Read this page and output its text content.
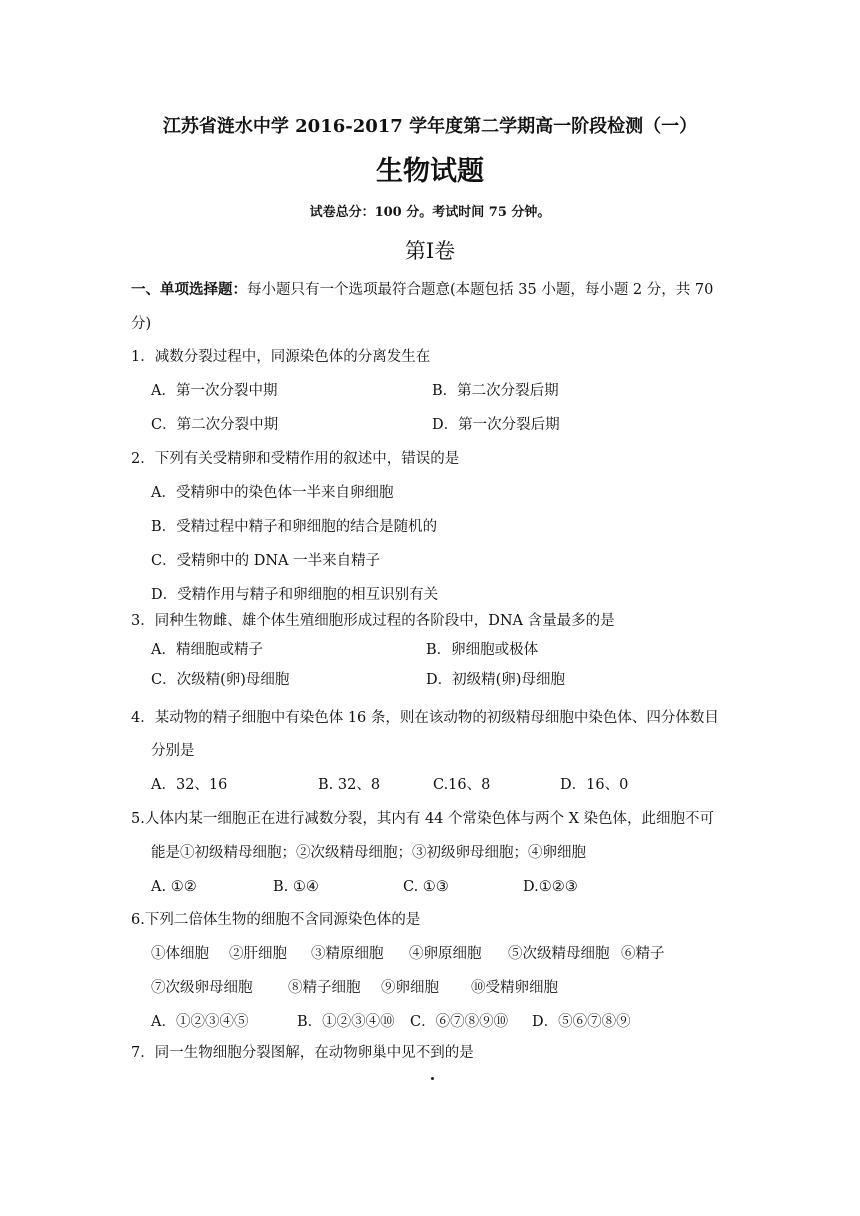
江苏省涟水中学 2016-2017 学年度第二学期高一阶段检测（一）
生物试题
试卷总分：100 分。考试时间 75 分钟。
第Ⅰ卷
一、单项选择题：每小题只有一个选项最符合题意(本题包括 35 小题，每小题 2 分，共 70
分)
1．减数分裂过程中，同源染色体的分离发生在
A．第一次分裂中期	B．第二次分裂后期
C．第二次分裂中期	D．第一次分裂后期
2．下列有关受精卵和受精作用的叙述中，错误的是
A．受精卵中的染色体一半来自卵细胞
B．受精过程中精子和卵细胞的结合是随机的
C．受精卵中的 DNA 一半来自精子
D．受精作用与精子和卵细胞的相互识别有关
3．同种生物雌、雄个体生殖细胞形成过程的各阶段中，DNA 含量最多的是
A．精细胞或精子	B．卵细胞或极体
C．次级精(卵)母细胞	D．初级精(卵)母细胞
4．某动物的精子细胞中有染色体 16 条，则在该动物的初级精母细胞中染色体、四分体数目
分别是
A．32、16	B. 32、8	C.16、8	D．16、0
5.人体内某一细胞正在进行减数分裂，其内有 44 个常染色体与两个 X 染色体，此细胞不可
能是①初级精母细胞；②次级精母细胞；③初级卵母细胞；④卵细胞
A. ①②	B. ①④	C. ①③	D.①②③
6.下列二倍体生物的细胞不含同源染色体的是
①体细胞 ②肝细胞 ③精原细胞 ④卵原细胞 ⑤次级精母细胞 ⑥精子
⑦次级卵母细胞 ⑧精子细胞 ⑨卵细胞 ⑩受精卵细胞
A．①②③④⑤	B．①②③④⑩ C．⑥⑦⑧⑨⑩ D．⑤⑥⑦⑧⑨
7．同一生物细胞分裂图解，在动物卵巢中见不到的是
